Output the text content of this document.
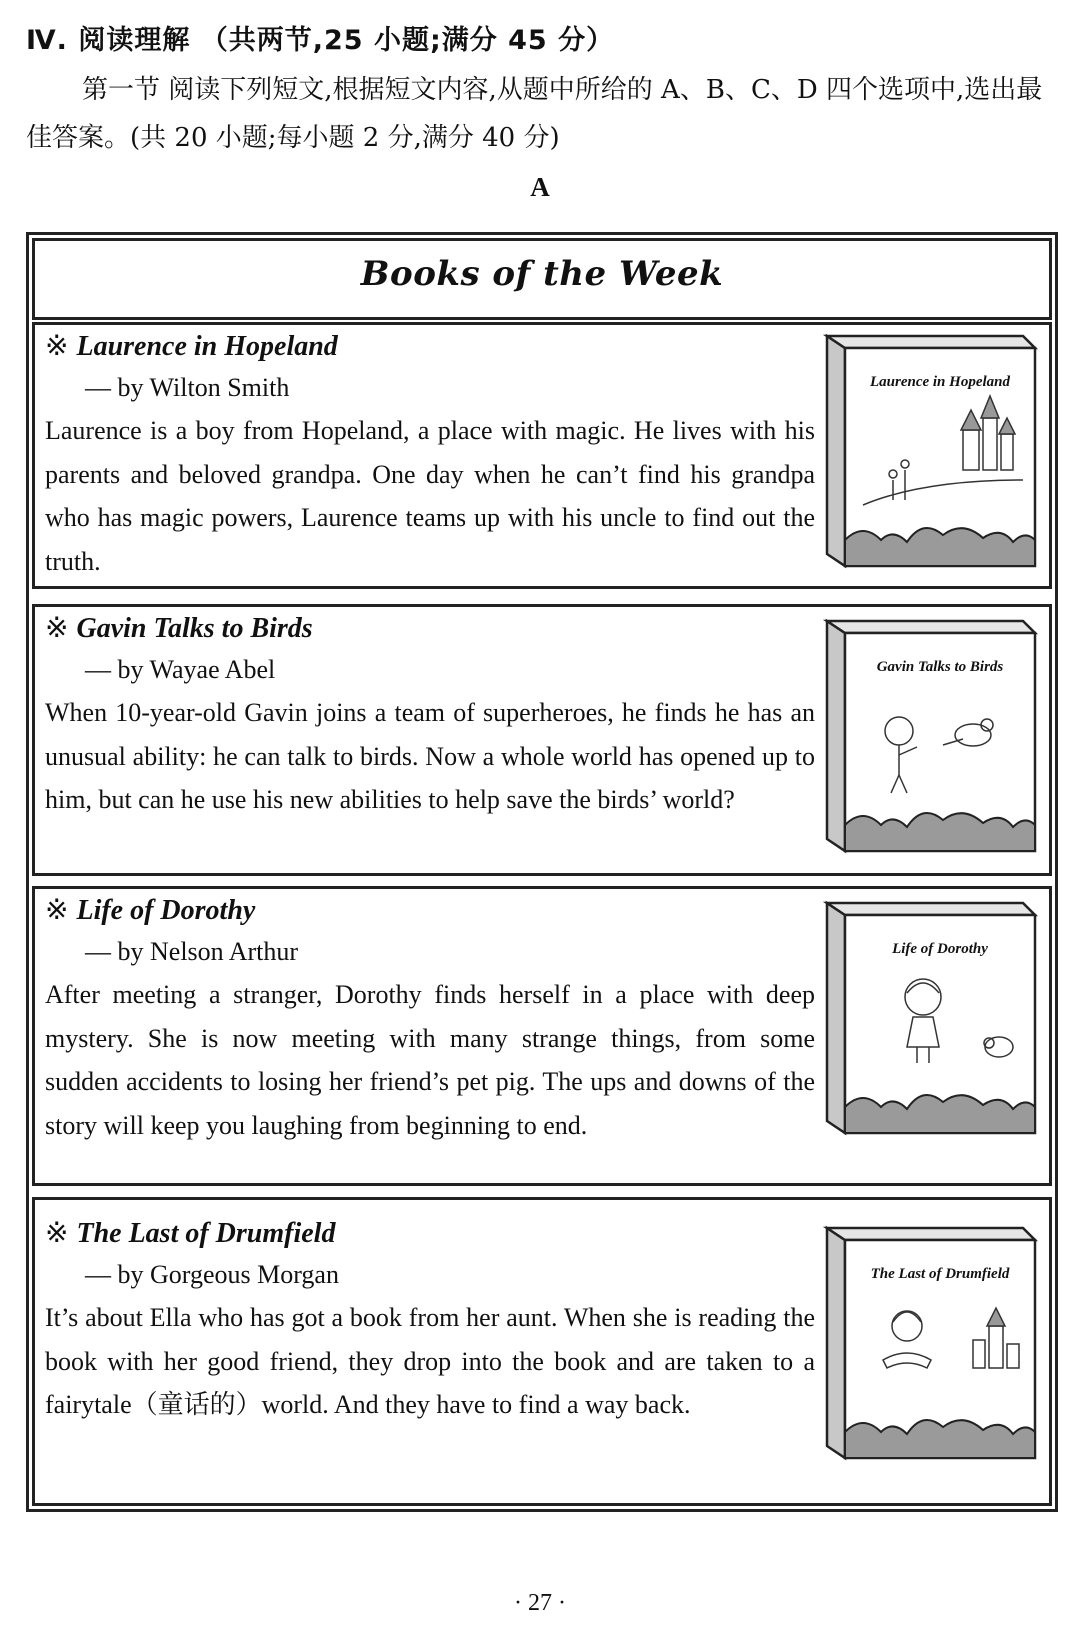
Ⅳ. 阅读理解 （共两节,25 小题;满分 45 分）
第一节 阅读下列短文,根据短文内容,从题中所给的 A、B、C、D 四个选项中,选出最佳答案。(共 20 小题;每小题 2 分,满分 40 分)
A
Books of the Week
※ Laurence in Hopeland
— by Wilton Smith
Laurence is a boy from Hopeland, a place with magic. He lives with his parents and beloved grandpa. One day when he can’t find his grandpa who has magic powers, Laurence teams up with his uncle to find out the truth.
Laurence in Hopeland
※ Gavin Talks to Birds
— by Wayae Abel
When 10-year-old Gavin joins a team of superheroes, he finds he has an unusual ability: he can talk to birds. Now a whole world has opened up to him, but can he use his new abilities to help save the birds’ world?
Gavin Talks to Birds
※ Life of Dorothy
— by Nelson Arthur
After meeting a stranger, Dorothy finds herself in a place with deep mystery. She is now meeting with many strange things, from some sudden accidents to losing her friend’s pet pig. The ups and downs of the story will keep you laughing from beginning to end.
Life of Dorothy
※ The Last of Drumfield
— by Gorgeous Morgan
It’s about Ella who has got a book from her aunt. When she is reading the book with her good friend, they drop into the book and are taken to a fairytale（童话的）world. And they have to find a way back.
The Last of Drumfield
· 27 ·
